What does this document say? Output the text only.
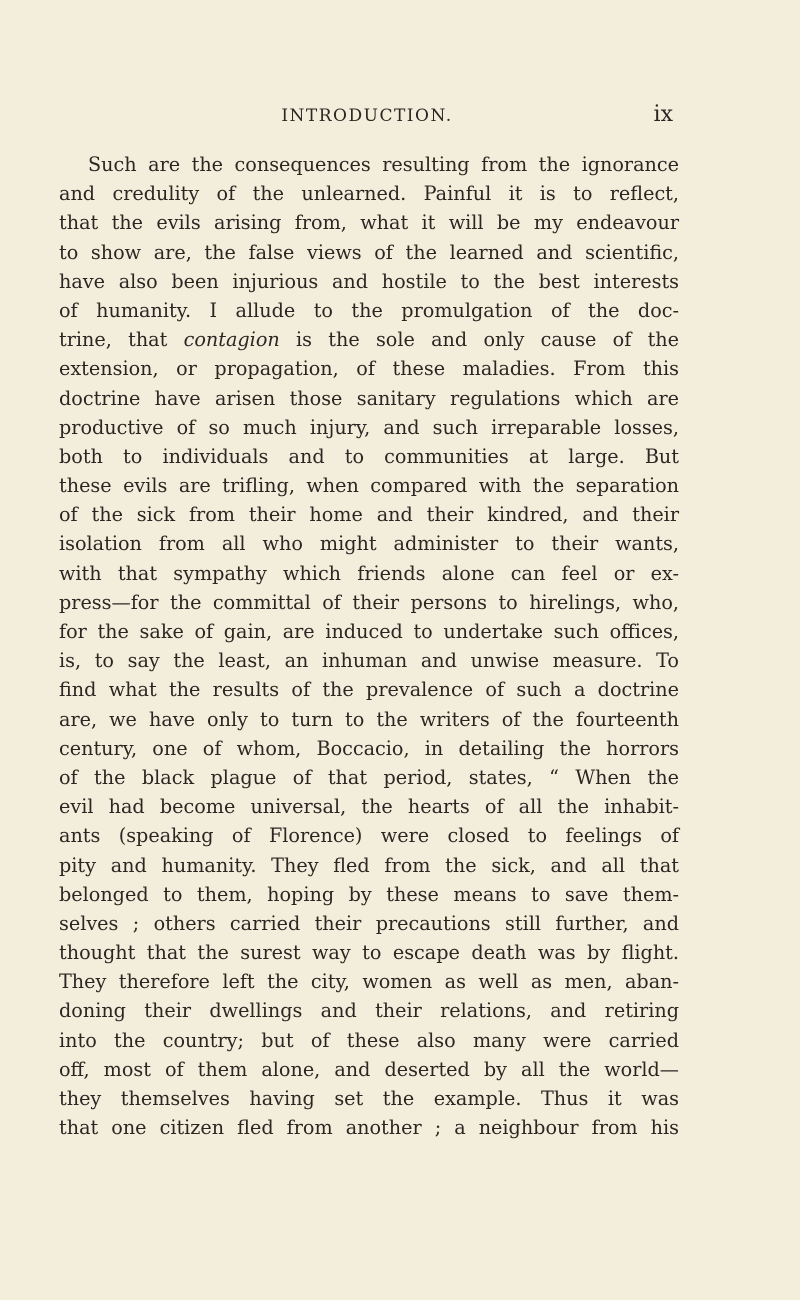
INTRODUCTION.	ix
Such are the consequences resulting from the ignorance
and credulity of the unlearned. Painful it is to reflect,
that the evils arising from, what it will be my endeavour
to show are, the false views of the learned and scientific,
have also been injurious and hostile to the best interests
of humanity. I allude to the promulgation of the doc-
trine, that contagion is the sole and only cause of the
extension, or propagation, of these maladies. From this
doctrine have arisen those sanitary regulations which are
productive of so much injury, and such irreparable losses,
both to individuals and to communities at large. But
these evils are trifling, when compared with the separation
of the sick from their home and their kindred, and their
isolation from all who might administer to their wants,
with that sympathy which friends alone can feel or ex-
press—for the committal of their persons to hirelings, who,
for the sake of gain, are induced to undertake such offices,
is, to say the least, an inhuman and unwise measure. To
find what the results of the prevalence of such a doctrine
are, we have only to turn to the writers of the fourteenth
century, one of whom, Boccacio, in detailing the horrors
of the black plague of that period, states, “ When the
evil had become universal, the hearts of all the inhabit-
ants (speaking of Florence) were closed to feelings of
pity and humanity. They fled from the sick, and all that
belonged to them, hoping by these means to save them-
selves ; others carried their precautions still further, and
thought that the surest way to escape death was by flight.
They therefore left the city, women as well as men, aban-
doning their dwellings and their relations, and retiring
into the country; but of these also many were carried
off, most of them alone, and deserted by all the world—
they themselves having set the example. Thus it was
that one citizen fled from another ; a neighbour from his
